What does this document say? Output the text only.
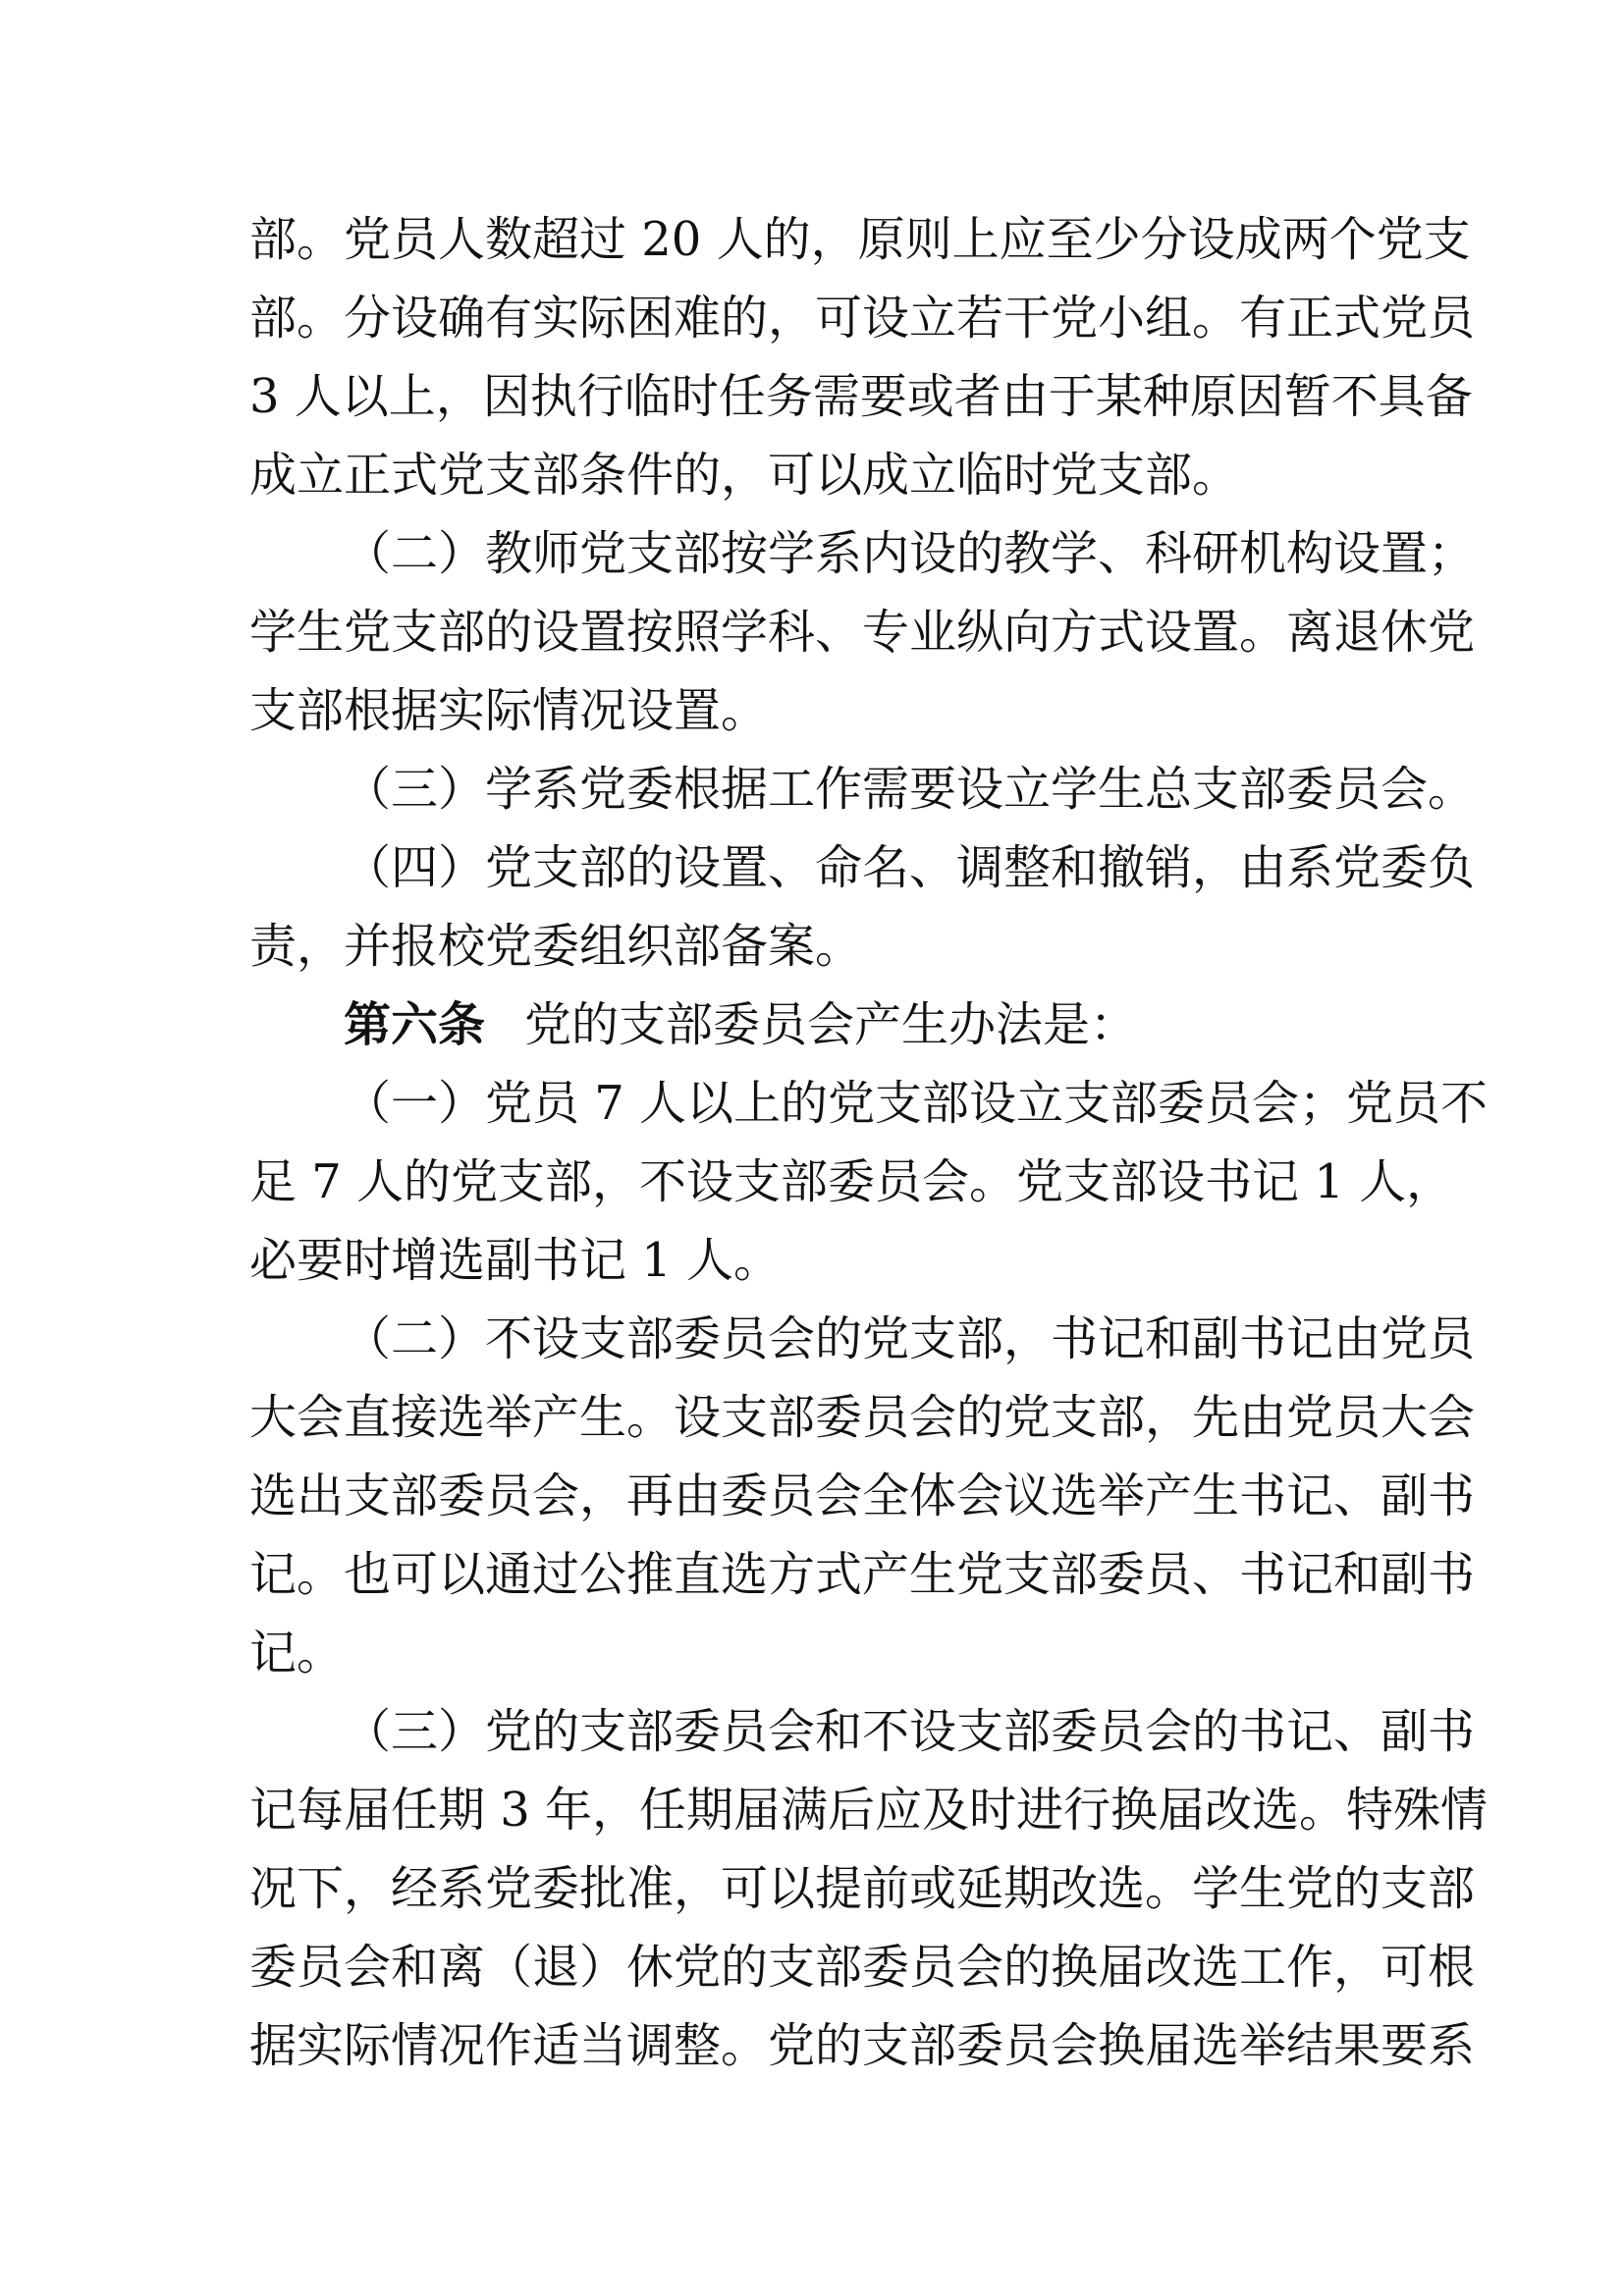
部。党员人数超过 20 人的，原则上应至少分设成两个党支
部。分设确有实际困难的，可设立若干党小组。有正式党员
3 人以上，因执行临时任务需要或者由于某种原因暂不具备
成立正式党支部条件的，可以成立临时党支部。
（二）教师党支部按学系内设的教学、科研机构设置；
学生党支部的设置按照学科、专业纵向方式设置。离退休党
支部根据实际情况设置。
（三）学系党委根据工作需要设立学生总支部委员会。
（四）党支部的设置、命名、调整和撤销，由系党委负
责，并报校党委组织部备案。
第六条 党的支部委员会产生办法是：
（一）党员 7 人以上的党支部设立支部委员会；党员不
足 7 人的党支部，不设支部委员会。党支部设书记 1 人，
必要时增选副书记 1 人。
（二）不设支部委员会的党支部，书记和副书记由党员
大会直接选举产生。设支部委员会的党支部，先由党员大会
选出支部委员会，再由委员会全体会议选举产生书记、副书
记。也可以通过公推直选方式产生党支部委员、书记和副书
记。
（三）党的支部委员会和不设支部委员会的书记、副书
记每届任期 3 年，任期届满后应及时进行换届改选。特殊情
况下，经系党委批准，可以提前或延期改选。学生党的支部
委员会和离（退）休党的支部委员会的换届改选工作，可根
据实际情况作适当调整。党的支部委员会换届选举结果要系
